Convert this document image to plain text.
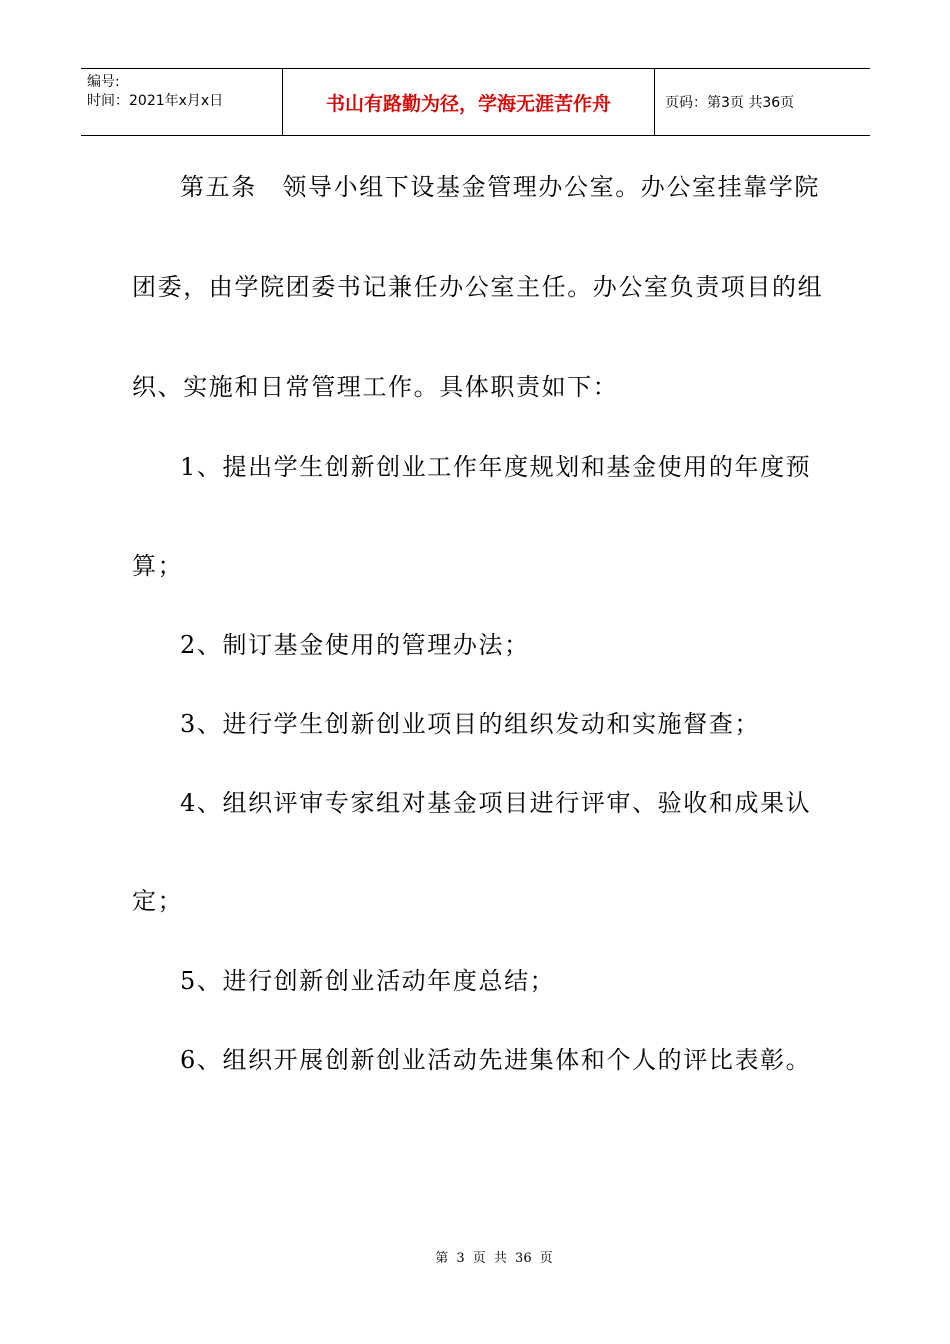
编号:
时间：2021年x月x日	书山有路勤为径，学海无涯苦作舟	页码：第3页 共36页
第五条　领导小组下设基金管理办公室。办公室挂靠学院
团委，由学院团委书记兼任办公室主任。办公室负责项目的组
织、实施和日常管理工作。具体职责如下：
1、提出学生创新创业工作年度规划和基金使用的年度预
算；
2、制订基金使用的管理办法；
3、进行学生创新创业项目的组织发动和实施督查；
4、组织评审专家组对基金项目进行评审、验收和成果认
定；
5、进行创新创业活动年度总结；
6、组织开展创新创业活动先进集体和个人的评比表彰。
第 3 页 共 36 页
